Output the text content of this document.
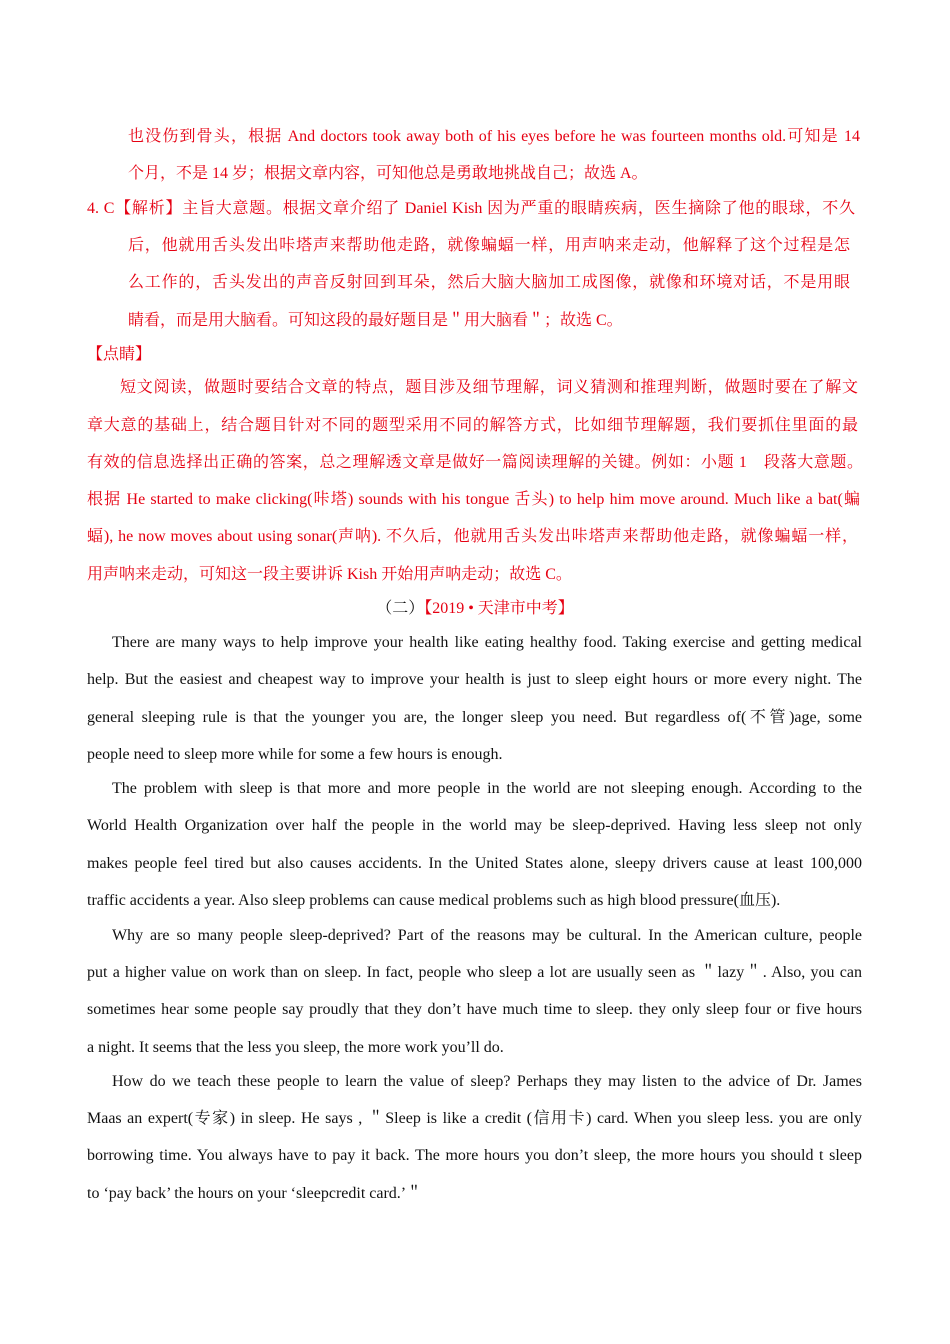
也没伤到骨头，根据 And doctors took away both of his eyes before he was fourteen months old.可知是 14
个月，不是 14 岁；根据文章内容，可知他总是勇敢地挑战自己；故选 A。
4. C【解析】主旨大意题。根据文章介绍了 Daniel Kish 因为严重的眼睛疾病，医生摘除了他的眼球，不久
后，他就用舌头发出咔塔声来帮助他走路，就像蝙蝠一样，用声呐来走动，他解释了这个过程是怎
么工作的，舌头发出的声音反射回到耳朵，然后大脑大脑加工成图像，就像和环境对话，不是用眼
睛看，而是用大脑看。可知这段的最好题目是＂用大脑看＂；故选 C。
【点睛】
短文阅读，做题时要结合文章的特点，题目涉及细节理解，词义猜测和推理判断，做题时要在了解文
章大意的基础上，结合题目针对不同的题型采用不同的解答方式，比如细节理解题，我们要抓住里面的最
有效的信息选择出正确的答案，总之理解透文章是做好一篇阅读理解的关键。例如：小题 1　段落大意题。
根据 He started to make clicking(咔塔) sounds with his tongue 舌头) to help him move around. Much like a bat(蝙
蝠), he now moves about using sonar(声呐). 不久后，他就用舌头发出咔塔声来帮助他走路，就像蝙蝠一样，
用声呐来走动，可知这一段主要讲诉 Kish 开始用声呐走动；故选 C。
（二）【2019 • 天津市中考】
There are many ways to help improve your health like eating healthy food. Taking exercise and getting medical
help. But the easiest and cheapest way to improve your health is just to sleep eight hours or more every night. The
general sleeping rule is that the younger you are, the longer sleep you need. But regardless of(不管)age, some
people need to sleep more while for some a few hours is enough.
The problem with sleep is that more and more people in the world are not sleeping enough. According to the
World Health Organization over half the people in the world may be sleep-deprived. Having less sleep not only
makes people feel tired but also causes accidents. In the United States alone, sleepy drivers cause at least 100,000
traffic accidents a year. Also sleep problems can cause medical problems such as high blood pressure(血压).
Why are so many people sleep-deprived? Part of the reasons may be cultural. In the American culture, people
put a higher value on work than on sleep. In fact, people who sleep a lot are usually seen as ＂lazy＂. Also, you can
sometimes hear some people say proudly that they don’t have much time to sleep. they only sleep four or five hours
a night. It seems that the less you sleep, the more work you’ll do.
How do we teach these people to learn the value of sleep? Perhaps they may listen to the advice of Dr. James
Maas an expert(专家) in sleep. He says , ＂Sleep is like a credit (信用卡) card. When you sleep less. you are only
borrowing time. You always have to pay it back. The more hours you don’t sleep, the more hours you should t sleep
to ‘pay back’ the hours on your ‘sleepcredit card.’＂
